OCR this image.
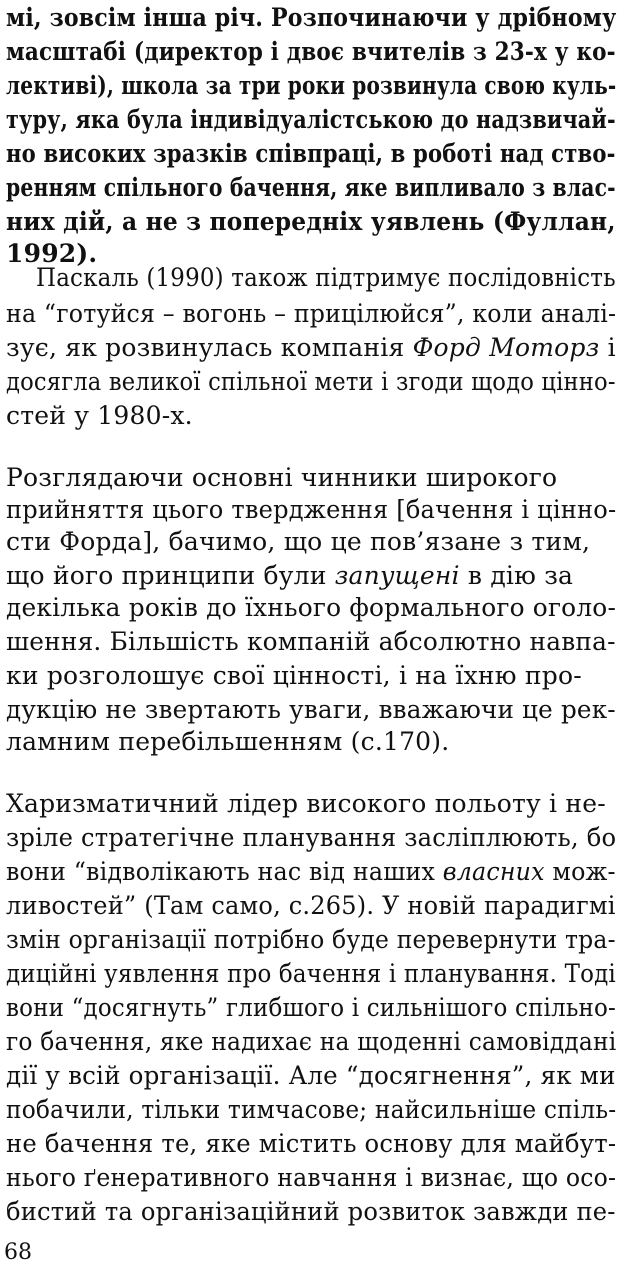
мі, зовсім інша річ. Розпочинаючи у дрібному
масштабі (директор і двоє вчителів з 23-х у ко-
лективі), школа за три роки розвинула свою куль-
туру, яка була індивідуалістською до надзвичай-
но високих зразків співпраці, в роботі над ство-
ренням спільного бачення, яке випливало з влас-
них дій, а не з попередніх уявлень (Фуллан,
1992).
Паскаль (1990) також підтримує послідовність
на “готуйся – вогонь – прицілюйся”, коли аналі-
зує, як розвинулась компанія Форд Моторз і
досягла великої спільної мети і згоди щодо цінно-
стей у 1980-х.
Розглядаючи основні чинники широкого
прийняття цього твердження [бачення і цінно-
сти Форда], бачимо, що це пов’язане з тим,
що його принципи були запущені в дію за
декілька років до їхнього формального оголо-
шення. Більшість компаній абсолютно навпа-
ки розголошує свої цінності, і на їхню про-
дукцію не звертають уваги, вважаючи це рек-
ламним перебільшенням (с.170).
Харизматичний лідер високого польоту і не-
зріле стратегічне планування засліплюють, бо
вони “відволікають нас від наших власних мож-
ливостей” (Там само, с.265). У новій парадигмі
змін організації потрібно буде перевернути тра-
диційні уявлення про бачення і планування. Тоді
вони “досягнуть” глибшого і сильнішого спільно-
го бачення, яке надихає на щоденні самовіддані
дії у всій організації. Але “досягнення”, як ми
побачили, тільки тимчасове; найсильніше спіль-
не бачення те, яке містить основу для майбут-
нього ґенеративного навчання і визнає, що осо-
бистий та організаційний розвиток завжди пе-
68
